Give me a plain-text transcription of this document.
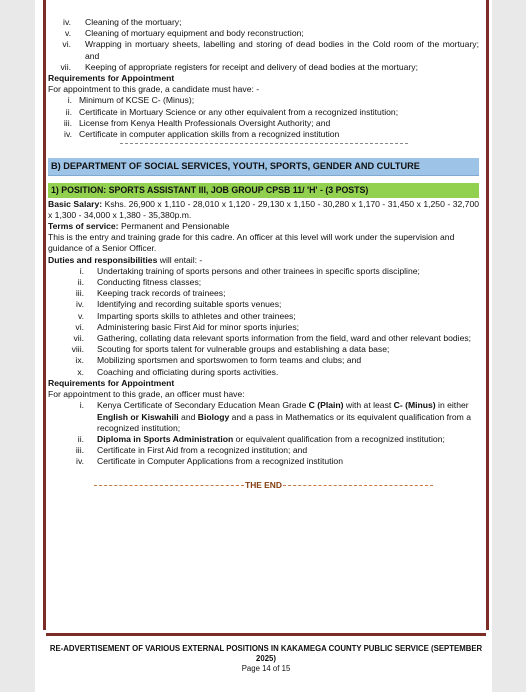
iv. Cleaning of the mortuary;
v. Cleaning of mortuary equipment and body reconstruction;
vi. Wrapping in mortuary sheets, labelling and storing of dead bodies in the Cold room of the mortuary; and
vii. Keeping of appropriate registers for receipt and delivery of dead bodies at the mortuary;

Requirements for Appointment

For appointment to this grade, a candidate must have: -

i. Minimum of KCSE C- (Minus);
ii. Certificate in Mortuary Science or any other equivalent from a recognized institution;
iii. License from Kenya Health Professionals Oversight Authority; and
iv. Certificate in computer application skills from a recognized institution
B) DEPARTMENT OF SOCIAL SERVICES, YOUTH, SPORTS, GENDER AND CULTURE
1) POSITION: SPORTS ASSISTANT III, JOB GROUP CPSB 11/ 'H' - (3 POSTS)

Basic Salary: Kshs. 26,900 x 1,110 - 28,010 x 1,120 - 29,130 x 1,150 - 30,280 x 1,170 - 31,450 x 1,250 - 32,700 x 1,300 - 34,000 x 1,380 - 35,380p.m.

Terms of service: Permanent and Pensionable

This is the entry and training grade for this cadre. An officer at this level will work under the supervision and guidance of a Senior Officer.

Duties and responsibilities will entail: -

i. Undertaking training of sports persons and other trainees in specific sports discipline;
ii. Conducting fitness classes;
iii. Keeping track records of trainees;
iv. Identifying and recording suitable sports venues;
v. Imparting sports skills to athletes and other trainees;
vi. Administering basic First Aid for minor sports injuries;
vii. Gathering, collating data relevant sports information from the field, ward and other relevant bodies;
viii. Scouting for sports talent for vulnerable groups and establishing a data base;
ix. Mobilizing sportsmen and sportswomen to form teams and clubs; and
x. Coaching and officiating during sports activities.

Requirements for Appointment

For appointment to this grade, an officer must have:

i. Kenya Certificate of Secondary Education Mean Grade C (Plain) with at least C- (Minus) in either English or Kiswahili and Biology and a pass in Mathematics or its equivalent qualification from a recognized institution;
ii. Diploma in Sports Administration or equivalent qualification from a recognized institution;
iii. Certificate in First Aid from a recognized institution; and
iv. Certificate in Computer Applications from a recognized institution
THE END
RE-ADVERTISEMENT OF VARIOUS EXTERNAL POSITIONS IN KAKAMEGA COUNTY PUBLIC SERVICE (SEPTEMBER 2025)
Page 14 of 15
